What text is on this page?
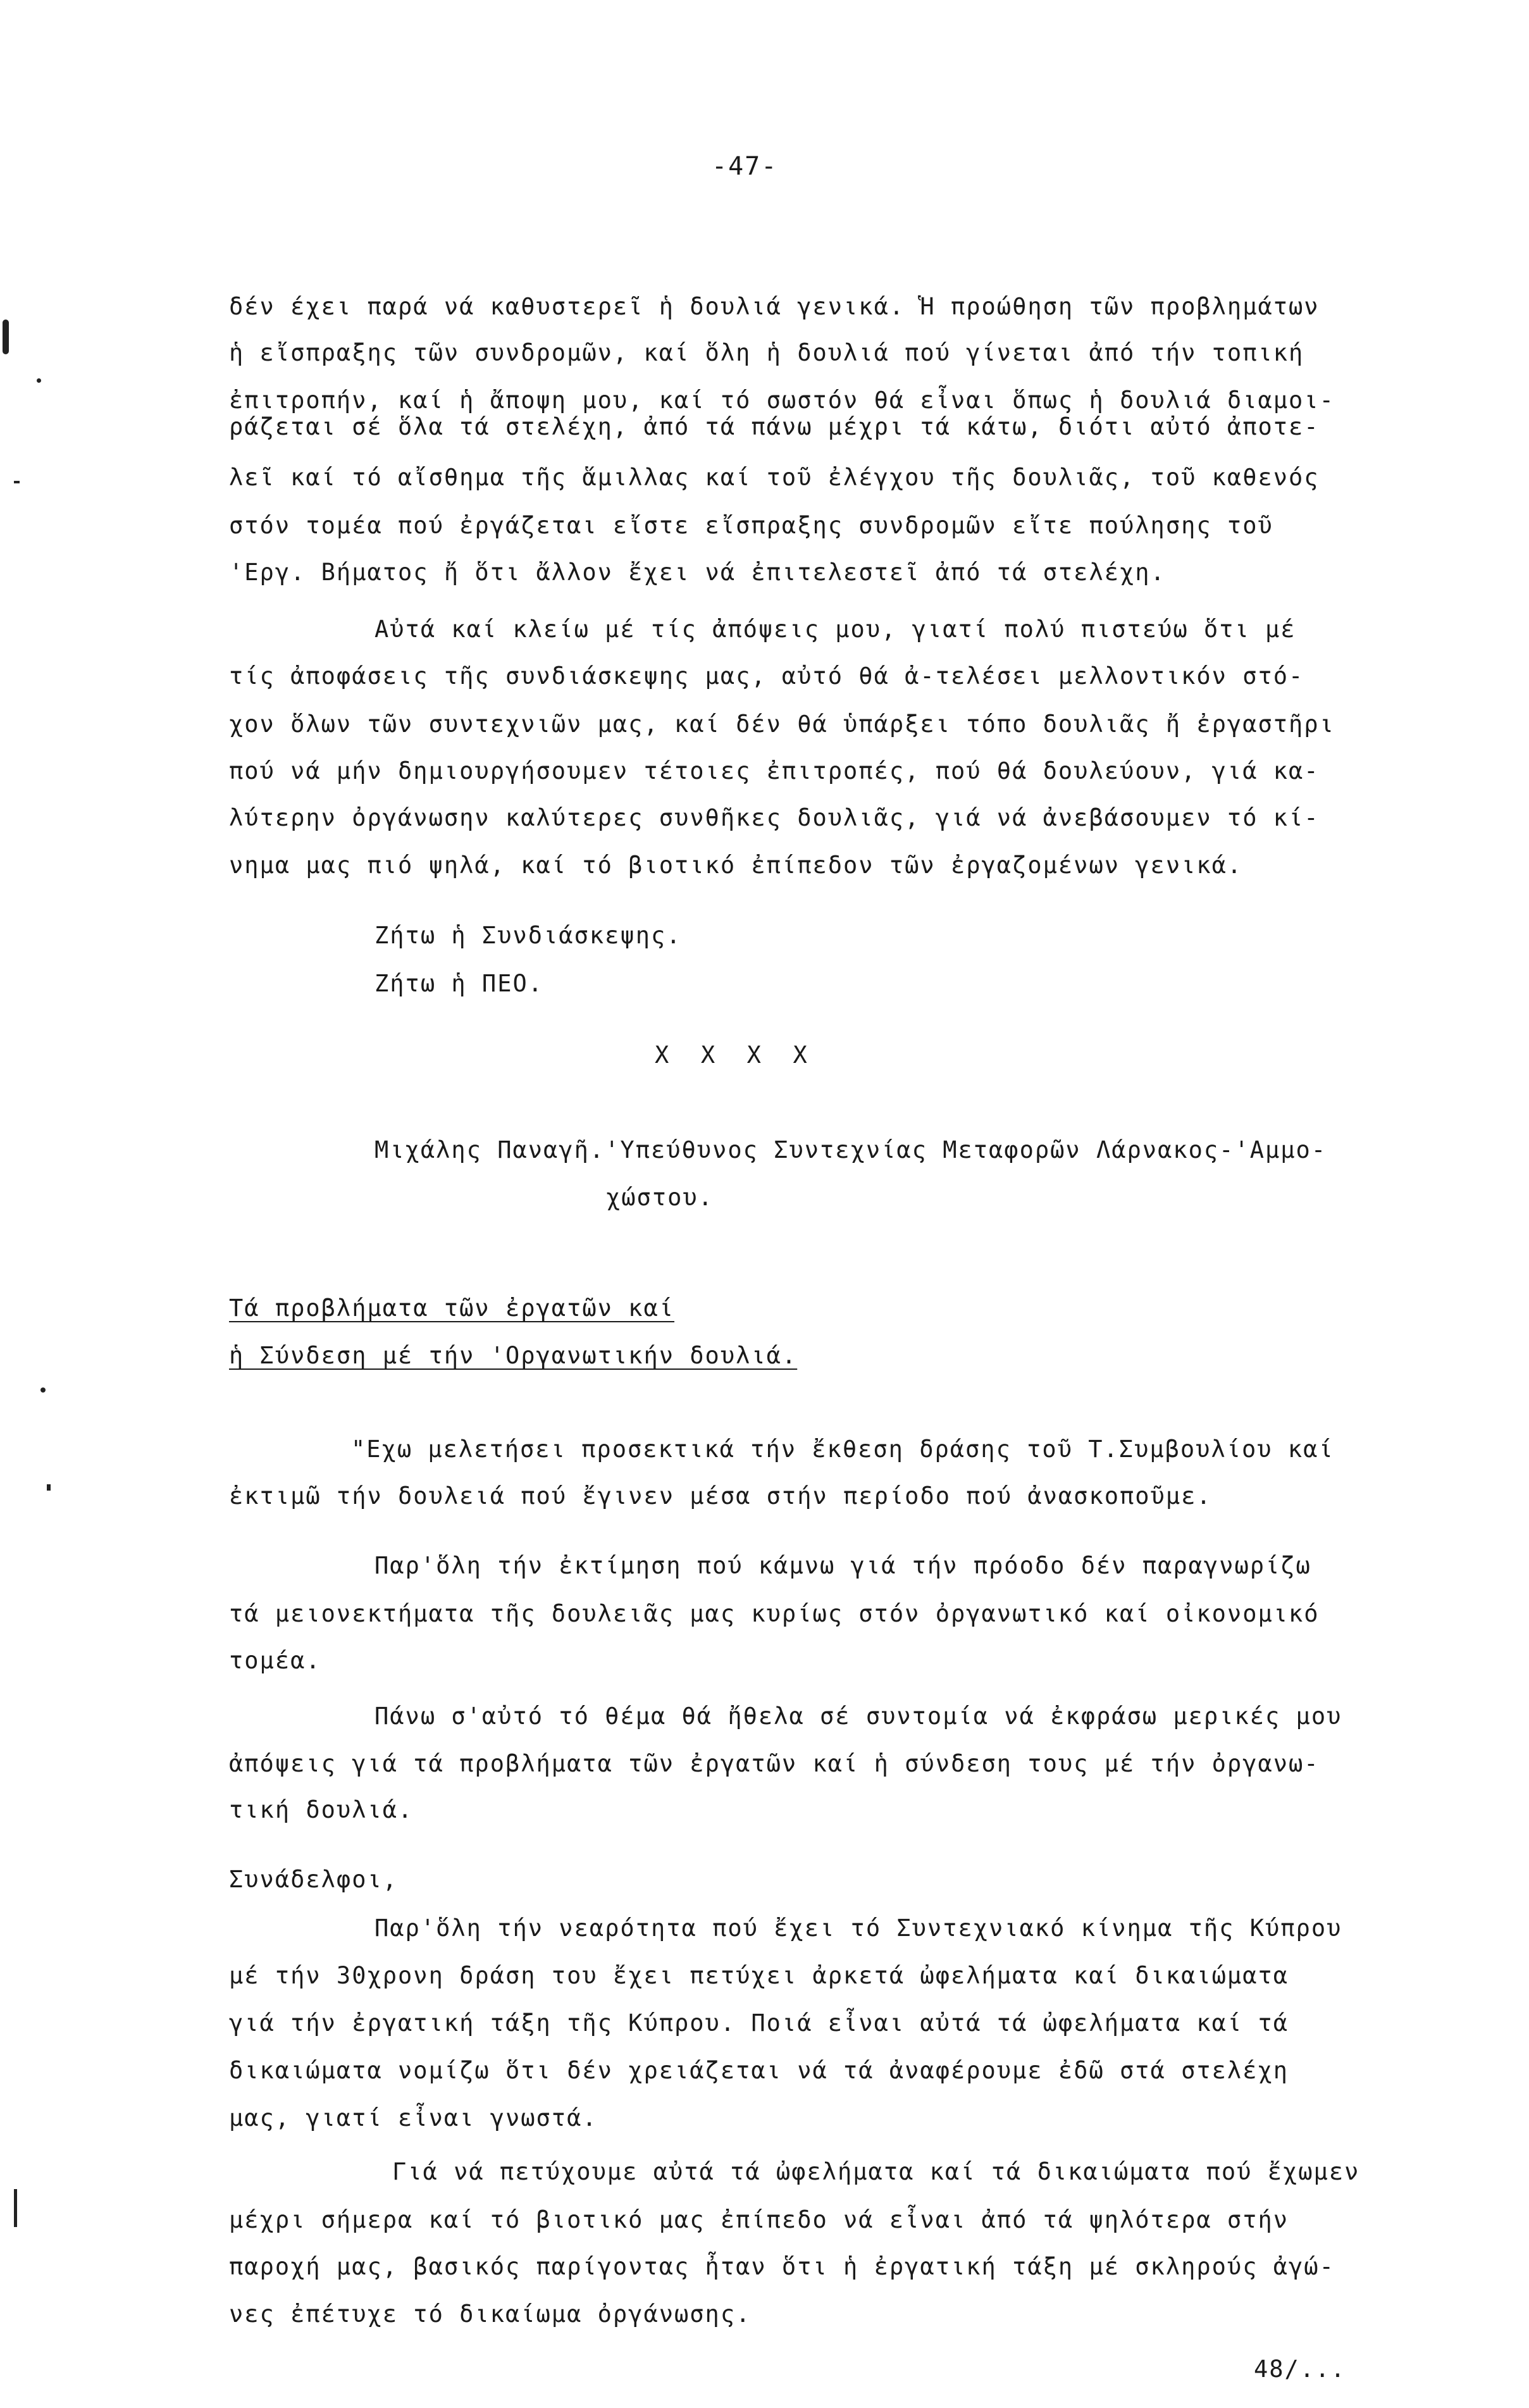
-47-
δέν έχει παρά νά καθυστερεῖ ἡ δουλιά γενικά. Ἡ προώθηση τῶν προβλημάτων
ἡ εἴσπραξης τῶν συνδρομῶν, καί ὅλη ἡ δουλιά πού γίνεται ἀπό τήν τοπική
ἐπιτροπήν, καί ἡ ἄποψη μου, καί τό σωστόν θά εἶναι ὅπως ἡ δουλιά διαμοι-
ράζεται σέ ὅλα τά στελέχη, ἀπό τά πάνω μέχρι τά κάτω, διότι αὐτό ἀποτε-
λεῖ καί τό αἴσθημα τῆς ἅμιλλας καί τοῦ ἐλέγχου τῆς δουλιᾶς, τοῦ καθενός
στόν τομέα πού ἐργάζεται εἴστε εἴσπραξης συνδρομῶν εἴτε πούλησης τοῦ
'Εργ. Βήματος ἤ ὅτι ἄλλον ἔχει νά ἐπιτελεστεῖ ἀπό τά στελέχη.
Αὐτά καί κλείω μέ τίς ἀπόψεις μου, γιατί πολύ πιστεύω ὅτι μέ
τίς ἀποφάσεις τῆς συνδιάσκεψης μας, αὐτό θά ἀ-τελέσει μελλοντικόν στό-
χον ὅλων τῶν συντεχνιῶν μας, καί δέν θά ὑπάρξει τόπο δουλιᾶς ἤ ἐργαστῆρι
πού νά μήν δημιουργήσουμεν τέτοιες ἐπιτροπές, πού θά δουλεύουν, γιά κα-
λύτερην ὀργάνωσην καλύτερες συνθῆκες δουλιᾶς, γιά νά ἀνεβάσουμεν τό κί-
νημα μας πιό ψηλά, καί τό βιοτικό ἐπίπεδον τῶν ἐργαζομένων γενικά.
Ζήτω ἡ Συνδιάσκεψης.
Ζήτω ἡ ΠΕΟ.
X  X  X  X
Μιχάλης Παναγῆ.'Υπεύθυνος Συντεχνίας Μεταφορῶν Λάρνακος-'Αμμο-
χώστου.
Τά προβλήματα τῶν ἐργατῶν καί
ἡ Σύνδεση μέ τήν 'Οργανωτικήν δουλιά.
"Εχω μελετήσει προσεκτικά τήν ἔκθεση δράσης τοῦ Τ.Συμβουλίου καί
ἐκτιμῶ τήν δουλειά πού ἔγινεν μέσα στήν περίοδο πού ἀνασκοποῦμε.
Παρ'ὅλη τήν ἐκτίμηση πού κάμνω γιά τήν πρόοδο δέν παραγνωρίζω
τά μειονεκτήματα τῆς δουλειᾶς μας κυρίως στόν ὀργανωτικό καί οἰκονομικό
τομέα.
Πάνω σ'αὐτό τό θέμα θά ἤθελα σέ συντομία νά ἐκφράσω μερικές μου
ἀπόψεις γιά τά προβλήματα τῶν ἐργατῶν καί ἡ σύνδεση τους μέ τήν ὀργανω-
τική δουλιά.
Συνάδελφοι,
Παρ'ὅλη τήν νεαρότητα πού ἔχει τό Συντεχνιακό κίνημα τῆς Κύπρου
μέ τήν 30χρονη δράση του ἔχει πετύχει ἀρκετά ὠφελήματα καί δικαιώματα
γιά τήν ἐργατική τάξη τῆς Κύπρου. Ποιά εἶναι αὐτά τά ὠφελήματα καί τά
δικαιώματα νομίζω ὅτι δέν χρειάζεται νά τά ἀναφέρουμε ἐδῶ στά στελέχη
μας, γιατί εἶναι γνωστά.
Γιά νά πετύχουμε αὐτά τά ὠφελήματα καί τά δικαιώματα πού ἔχωμεν
μέχρι σήμερα καί τό βιοτικό μας ἐπίπεδο νά εἶναι ἀπό τά ψηλότερα στήν
παροχή μας, βασικός παρίγοντας ἦταν ὅτι ἡ ἐργατική τάξη μέ σκληρούς ἀγώ-
νες ἐπέτυχε τό δικαίωμα ὀργάνωσης.
48/...
